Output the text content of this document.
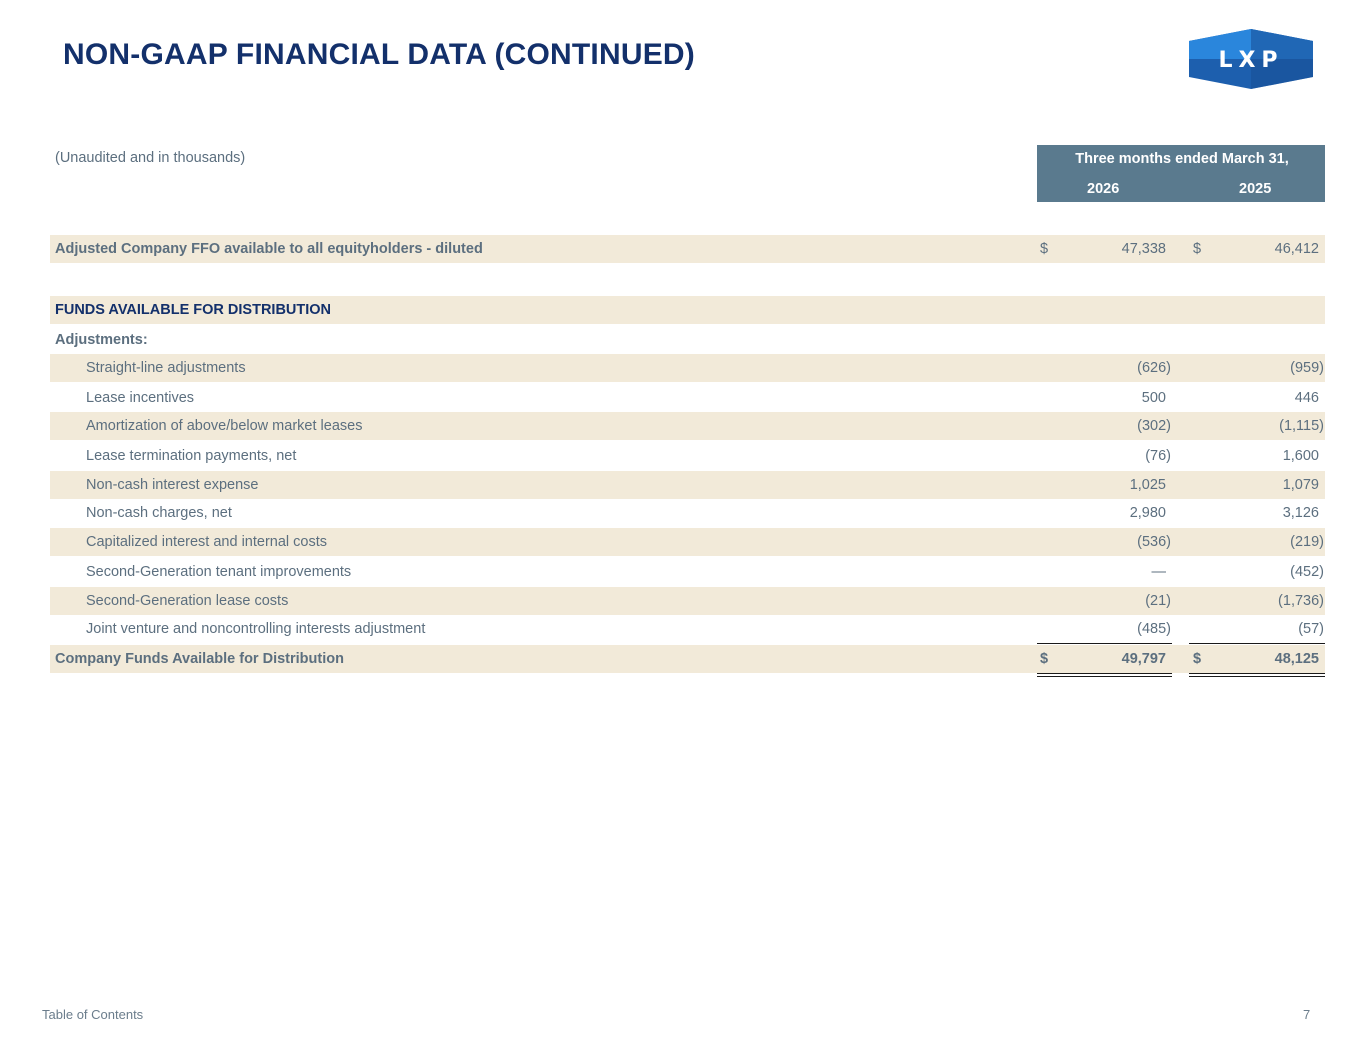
NON-GAAP FINANCIAL DATA (CONTINUED)	LXP
(Unaudited and in thousands)	Three months ended March 31,
2026	2025
Adjusted Company FFO available to all equityholders - diluted	$	47,338 $	46,412
FUNDS AVAILABLE FOR DISTRIBUTION
Adjustments:
Straight-line adjustments	(626)	(959)
Lease incentives	500	446
Amortization of above/below market leases	(302)	(1,115)
Lease termination payments, net	(76)	1,600
Non-cash interest expense	1,025	1,079
Non-cash charges, net	2,980	3,126
Capitalized interest and internal costs	(536)	(219)
Second-Generation tenant improvements	—	(452)
Second-Generation lease costs	(21)	(1,736)
Joint venture and noncontrolling interests adjustment	(485)	(57)
Company Funds Available for Distribution	$	49,797 $	48,125
Table of Contents	7
